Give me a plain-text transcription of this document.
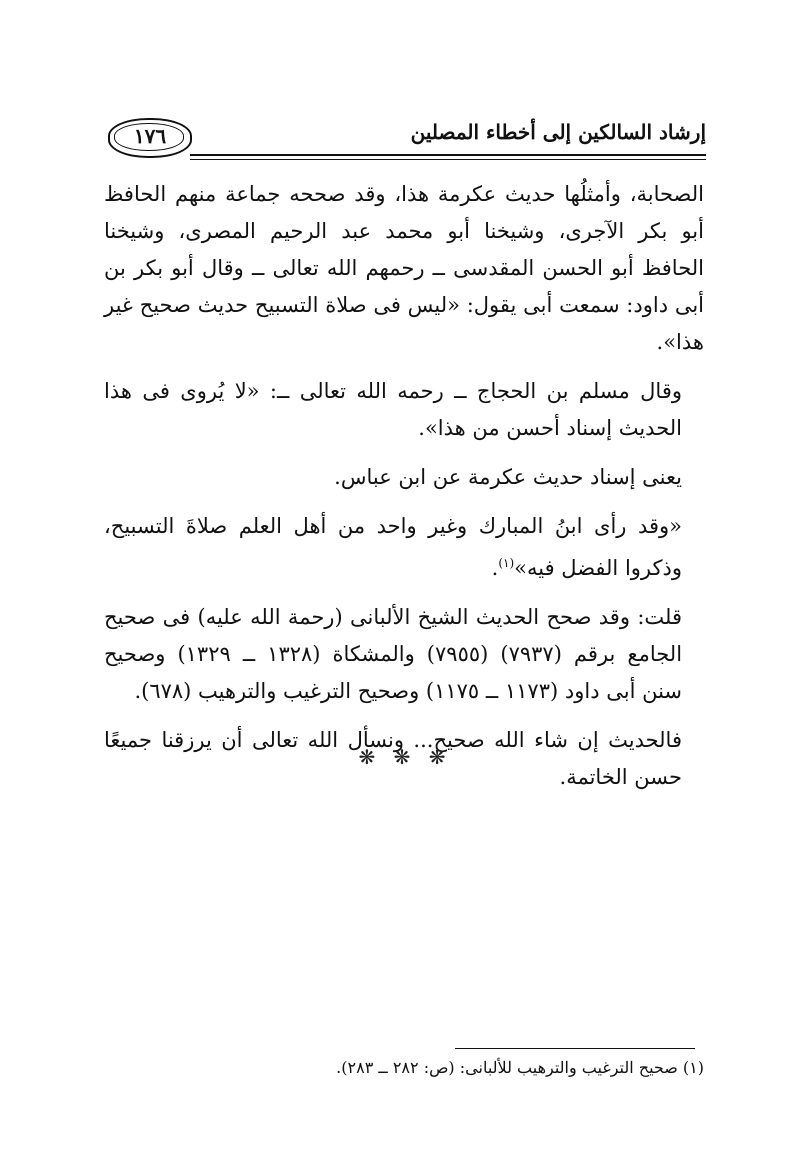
١٧٦	إرشاد السالكين إلى أخطاء المصلين

الصحابة، وأمثلُها حديث عكرمة هذا، وقد صححه جماعة منهم الحافظ أبو بكر الآجرى، وشيخنا أبو محمد عبد الرحيم المصرى، وشيخنا الحافظ أبو الحسن المقدسى ــ رحمهم الله تعالى ــ وقال أبو بكر بن أبى داود: سمعت أبى يقول: «ليس فى صلاة التسبيح حديث صحيح غير هذا».

وقال مسلم بن الحجاج ــ رحمه الله تعالى ــ: «لا يُروى فى هذا الحديث إسناد أحسن من هذا».

يعنى إسناد حديث عكرمة عن ابن عباس.

«وقد رأى ابنُ المبارك وغير واحد من أهل العلم صلاةَ التسبيح، وذكروا الفضل فيه»$^{(١)}$.

قلت: وقد صحح الحديث الشيخ الألبانى (رحمة الله عليه) فى صحيح الجامع برقم (٧٩٣٧) (٧٩٥٥) والمشكاة (١٣٢٨ ــ ١٣٢٩) وصحيح سنن أبى داود (١١٧٣ ــ ١١٧٥) وصحيح الترغيب والترهيب (٦٧٨).

فالحديث إن شاء الله صحيح... ونسأل الله تعالى أن يرزقنا جميعًا حسن الخاتمة.

❋ ❋ ❋
(١) صحيح الترغيب والترهيب للألبانى: (ص: ٢٨٢ ــ ٢٨٣).
